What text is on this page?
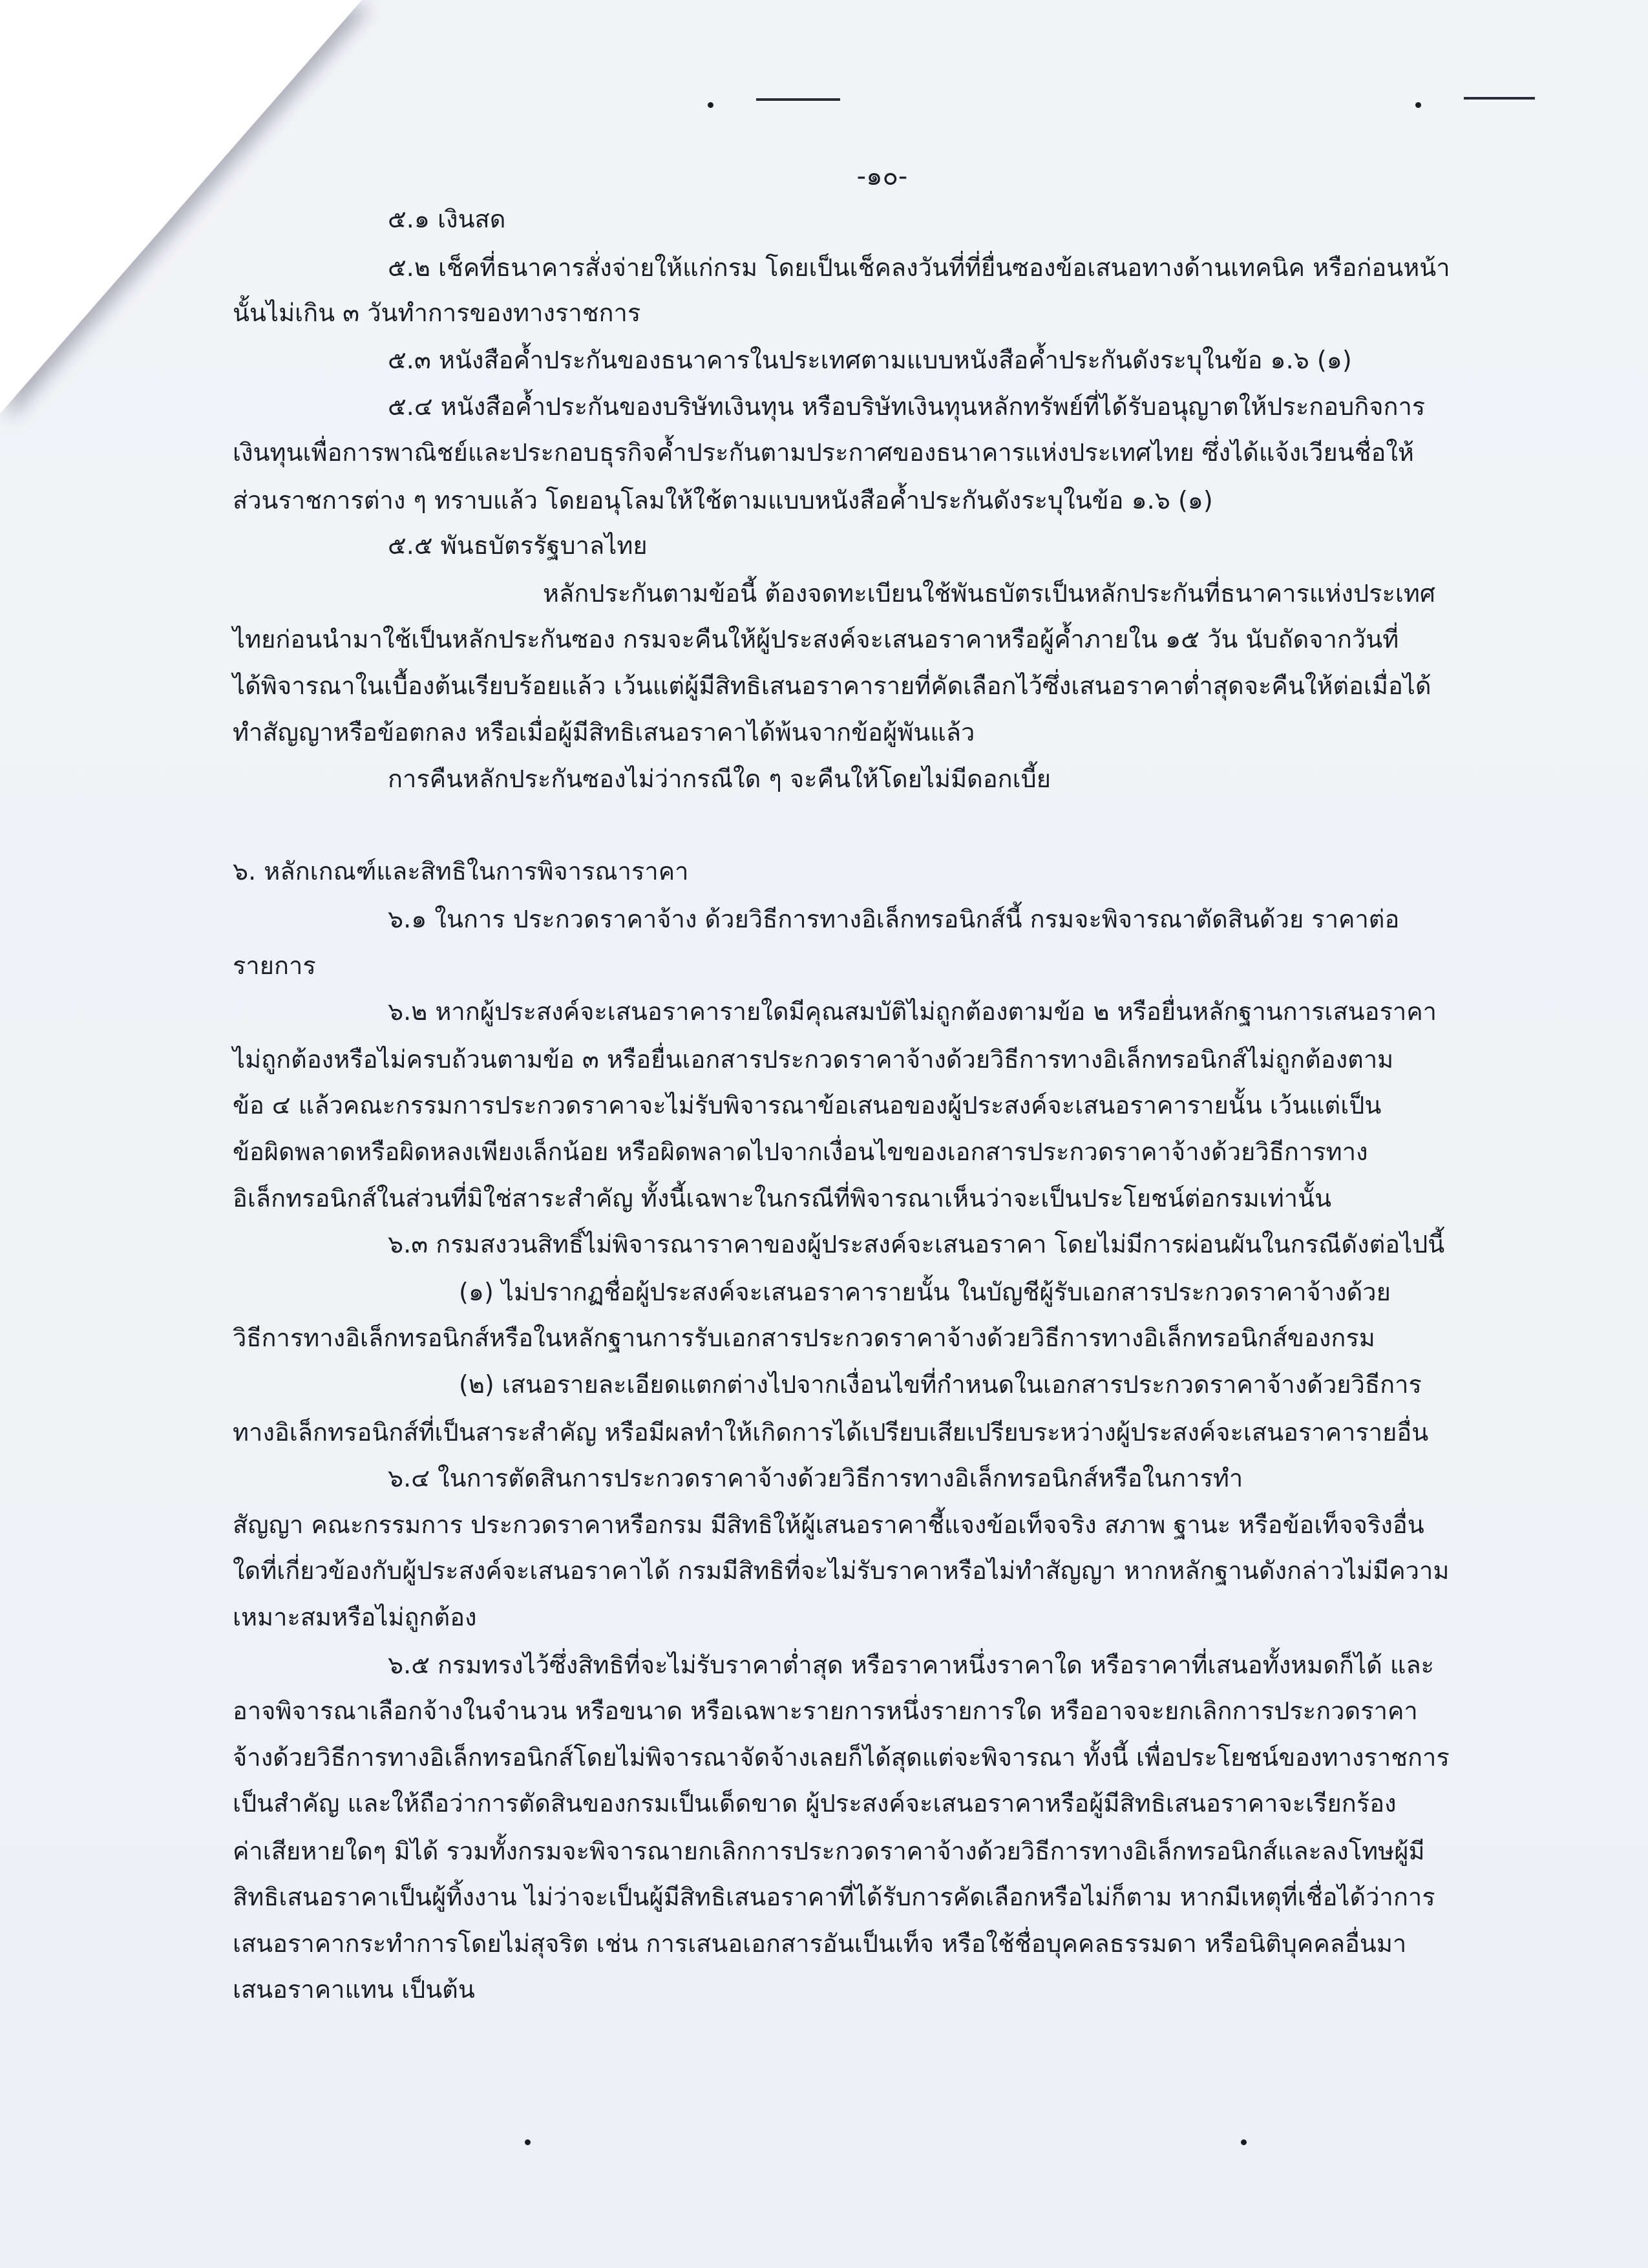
-๑๐-
๕.๑ เงินสด
๕.๒ เช็คที่ธนาคารสั่งจ่ายให้แก่กรม โดยเป็นเช็คลงวันที่ที่ยื่นซองข้อเสนอทางด้านเทคนิค หรือก่อนหน้า
นั้นไม่เกิน ๓ วันทำการของทางราชการ
๕.๓ หนังสือค้ำประกันของธนาคารในประเทศตามแบบหนังสือค้ำประกันดังระบุในข้อ ๑.๖ (๑)
๕.๔ หนังสือค้ำประกันของบริษัทเงินทุน หรือบริษัทเงินทุนหลักทรัพย์ที่ได้รับอนุญาตให้ประกอบกิจการ
เงินทุนเพื่อการพาณิชย์และประกอบธุรกิจค้ำประกันตามประกาศของธนาคารแห่งประเทศไทย ซึ่งได้แจ้งเวียนชื่อให้
ส่วนราชการต่าง ๆ ทราบแล้ว โดยอนุโลมให้ใช้ตามแบบหนังสือค้ำประกันดังระบุในข้อ ๑.๖ (๑)
๕.๕ พันธบัตรรัฐบาลไทย
หลักประกันตามข้อนี้ ต้องจดทะเบียนใช้พันธบัตรเป็นหลักประกันที่ธนาคารแห่งประเทศ
ไทยก่อนนำมาใช้เป็นหลักประกันซอง กรมจะคืนให้ผู้ประสงค์จะเสนอราคาหรือผู้ค้ำภายใน ๑๕ วัน นับถัดจากวันที่
ได้พิจารณาในเบื้องต้นเรียบร้อยแล้ว เว้นแต่ผู้มีสิทธิเสนอราคารายที่คัดเลือกไว้ซึ่งเสนอราคาต่ำสุดจะคืนให้ต่อเมื่อได้
ทำสัญญาหรือข้อตกลง หรือเมื่อผู้มีสิทธิเสนอราคาได้พ้นจากข้อผู้พันแล้ว
การคืนหลักประกันซองไม่ว่ากรณีใด ๆ จะคืนให้โดยไม่มีดอกเบี้ย
๖. หลักเกณฑ์และสิทธิในการพิจารณาราคา
๖.๑ ในการ ประกวดราคาจ้าง ด้วยวิธีการทางอิเล็กทรอนิกส์นี้ กรมจะพิจารณาตัดสินด้วย ราคาต่อ
รายการ
๖.๒ หากผู้ประสงค์จะเสนอราคารายใดมีคุณสมบัติไม่ถูกต้องตามข้อ ๒ หรือยื่นหลักฐานการเสนอราคา
ไม่ถูกต้องหรือไม่ครบถ้วนตามข้อ ๓ หรือยื่นเอกสารประกวดราคาจ้างด้วยวิธีการทางอิเล็กทรอนิกส์ไม่ถูกต้องตาม
ข้อ ๔ แล้วคณะกรรมการประกวดราคาจะไม่รับพิจารณาข้อเสนอของผู้ประสงค์จะเสนอราคารายนั้น เว้นแต่เป็น
ข้อผิดพลาดหรือผิดหลงเพียงเล็กน้อย หรือผิดพลาดไปจากเงื่อนไขของเอกสารประกวดราคาจ้างด้วยวิธีการทาง
อิเล็กทรอนิกส์ในส่วนที่มิใช่สาระสำคัญ ทั้งนี้เฉพาะในกรณีที่พิจารณาเห็นว่าจะเป็นประโยชน์ต่อกรมเท่านั้น
๖.๓ กรมสงวนสิทธิ์ไม่พิจารณาราคาของผู้ประสงค์จะเสนอราคา โดยไม่มีการผ่อนผันในกรณีดังต่อไปนี้
(๑) ไม่ปรากฏชื่อผู้ประสงค์จะเสนอราคารายนั้น ในบัญชีผู้รับเอกสารประกวดราคาจ้างด้วย
วิธีการทางอิเล็กทรอนิกส์หรือในหลักฐานการรับเอกสารประกวดราคาจ้างด้วยวิธีการทางอิเล็กทรอนิกส์ของกรม
(๒) เสนอรายละเอียดแตกต่างไปจากเงื่อนไขที่กำหนดในเอกสารประกวดราคาจ้างด้วยวิธีการ
ทางอิเล็กทรอนิกส์ที่เป็นสาระสำคัญ หรือมีผลทำให้เกิดการได้เปรียบเสียเปรียบระหว่างผู้ประสงค์จะเสนอราคารายอื่น
๖.๔ ในการตัดสินการประกวดราคาจ้างด้วยวิธีการทางอิเล็กทรอนิกส์หรือในการทำ
สัญญา คณะกรรมการ ประกวดราคาหรือกรม มีสิทธิให้ผู้เสนอราคาชี้แจงข้อเท็จจริง สภาพ ฐานะ หรือข้อเท็จจริงอื่น
ใดที่เกี่ยวข้องกับผู้ประสงค์จะเสนอราคาได้ กรมมีสิทธิที่จะไม่รับราคาหรือไม่ทำสัญญา หากหลักฐานดังกล่าวไม่มีความ
เหมาะสมหรือไม่ถูกต้อง
๖.๕ กรมทรงไว้ซึ่งสิทธิที่จะไม่รับราคาต่ำสุด หรือราคาหนึ่งราคาใด หรือราคาที่เสนอทั้งหมดก็ได้ และ
อาจพิจารณาเลือกจ้างในจำนวน หรือขนาด หรือเฉพาะรายการหนึ่งรายการใด หรืออาจจะยกเลิกการประกวดราคา
จ้างด้วยวิธีการทางอิเล็กทรอนิกส์โดยไม่พิจารณาจัดจ้างเลยก็ได้สุดแต่จะพิจารณา ทั้งนี้ เพื่อประโยชน์ของทางราชการ
เป็นสำคัญ และให้ถือว่าการตัดสินของกรมเป็นเด็ดขาด ผู้ประสงค์จะเสนอราคาหรือผู้มีสิทธิเสนอราคาจะเรียกร้อง
ค่าเสียหายใดๆ มิได้ รวมทั้งกรมจะพิจารณายกเลิกการประกวดราคาจ้างด้วยวิธีการทางอิเล็กทรอนิกส์และลงโทษผู้มี
สิทธิเสนอราคาเป็นผู้ทิ้งงาน ไม่ว่าจะเป็นผู้มีสิทธิเสนอราคาที่ได้รับการคัดเลือกหรือไม่ก็ตาม หากมีเหตุที่เชื่อได้ว่าการ
เสนอราคากระทำการโดยไม่สุจริต เช่น การเสนอเอกสารอันเป็นเท็จ หรือใช้ชื่อบุคคลธรรมดา หรือนิติบุคคลอื่นมา
เสนอราคาแทน เป็นต้น
